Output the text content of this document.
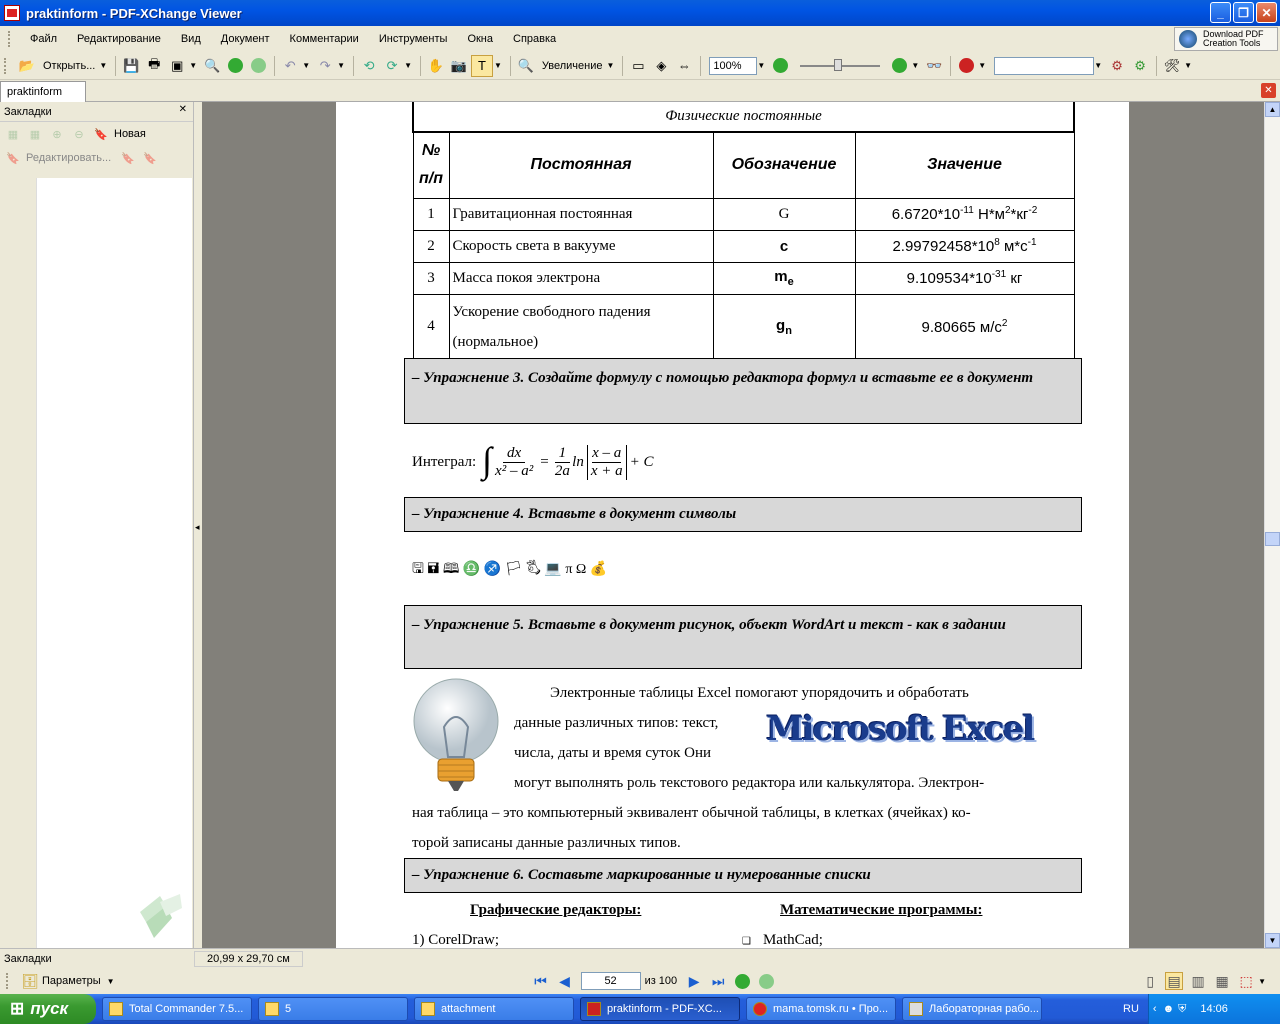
praktinform - PDF-XChange Viewer	_	❐	✕
Файл	Редактирование	Вид	Документ	Комментарии	Инструменты	Окна	Справка	Download PDF
Creation Tools
📂 Открыть... ▼ 💾 🖶 ▣ ▼ 🔍	↶ ▼ ↷ ▼	⟲ ⟳ ▼ ✋ 📷 T	▼ 🔍 Увеличение ▼	▭ ◈ ⇔	100%	▼	▼ 👓	▼	▼ ⚙ ⚙	🛠 ▼
praktinform	✕
Закладки	✕
▦	▦	⊕	⊖ 🔖 Новая
🔖 Редактировать... 🔖 🔖
◂
Физические постоянные			
№ п/п	Постоянная	Обозначение	Значение
1	Гравитационная постоянная	G	$6.6720*10^{-11}$ $Н*м^2*кг^{-2}$
2	Скорость света в вакууме	c	$2.99792458*10^8$ $м*с^{-1}$
3	Масса покоя электрона	$m_e$	$9.109534*10^{-31}$ кг
4	Ускорение свободного падения (нормальное)	$g_n$	9.80665 $м/с^2$
– Упражнение 3. Создайте формулу с помощью редактора формул и вставьте ее в документ
Интеграл: ∫ $\frac{dx}{\text{x² – a²}} = \frac{1}{2a}$ ln
x – a
x + a
+ C
– Упражнение 4. Вставьте в документ символы
🖫 🖬 🕮 ♎ ♐ 🏳 🖏 💻 π Ω 💰
– Упражнение 5. Вставьте в документ рисунок, объект WordArt и текст - как в задании
Электронные таблицы Excel помогают упорядочить и обработать
данные различных типов: текст,
числа, даты и время суток Они
Microsoft Excel
могут выполнять роль текстового редактора или калькулятора. Электрон-
ная таблица – это компьютерный эквивалент обычной таблицы, в клетках (ячейках) ко-
торой записаны данные различных типов.
– Упражнение 6. Составьте маркированные и нумерованные списки
Графические редакторы:	Математические программы:
1) CorelDraw;	❑ MathCad;
▲
▼
Закладки	20,99 x 29,70 см
🗄 Параметры ▼	⏮ ◀	52	из 100 ▶ ⏭	▯ ▤ ▥ ▦ ⬚ ▼
⊞ пуск	Total Commander 7.5...	5	attachment	praktinform - PDF-XC...	mama.tomsk.ru • Про...	Лабораторная рабо...	RU ‹ ☻ ⛨ 14:06
